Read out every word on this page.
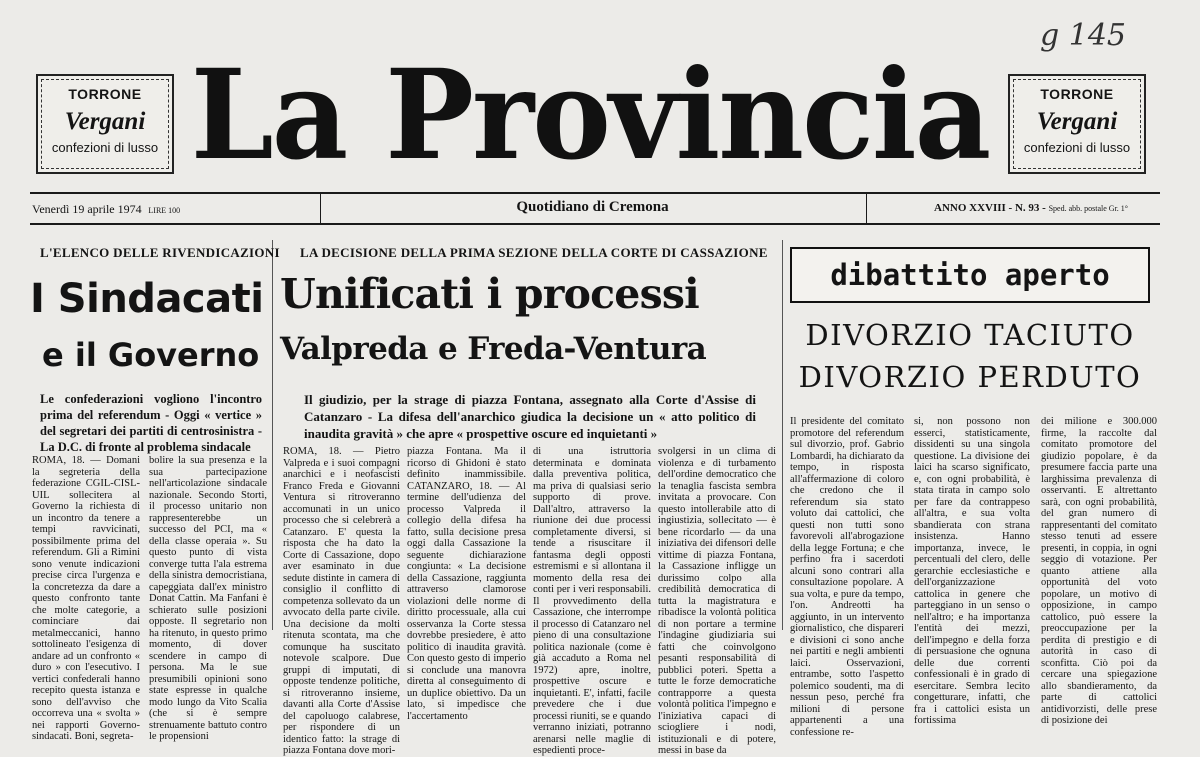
g 145
TORRONE
Vergani
confezioni di lusso La Provincia	TORRONE
Vergani
confezioni di lusso
Venerdì 19 aprile 1974 LIRE 100	Quotidiano di Cremona	ANNO XXVIII - N. 93 - Sped. abb. postale Gr. 1°
L'ELENCO DELLE RIVENDICAZIONI
I Sindacati
e il Governo
Le confederazioni vogliono l'incontro prima del referendum - Oggi « vertice » del segretari dei partiti di centrosinistra - La D.C. di fronte al problema sindacale
ROMA, 18. — Domani la segreteria della federazione CGIL-CISL-UIL sollecitera al Governo la richiesta di un incontro da tenere a tempi ravvicinati, possibilmente prima del referendum. Gli a Rimini sono venute indicazioni precise circa l'urgenza e la concretezza da dare a questo confronto tante che molte categorie, a cominciare dai metalmeccanici, hanno sottolineato l'esigenza di andare ad un confronto « duro » con l'esecutivo. I vertici confederali hanno recepito questa istanza e sono dell'avviso che occorreva una « svolta » nei rapporti Governo- sindacati. Boni, segreta-
bolire la sua presenza e la sua partecipazione nell'articolazione sindacale nazionale. Secondo Storti, il processo unitario non rappresenterebbe un successo del PCI, ma « della classe operaia ». Su questo punto di vista converge tutta l'ala estrema della sinistra democristiana, capeggiata dall'ex ministro Donat Cattin. Ma Fanfani è schierato sulle posizioni opposte. Il segretario non ha ritenuto, in questo primo momento, di dover scendere in campo di persona. Ma le sue presumibili opinioni sono state espresse in qualche modo lungo da Vito Scalia (che si è sempre strenuamente battuto contro le propensioni
LA DECISIONE DELLA PRIMA SEZIONE DELLA CORTE DI CASSAZIONE
Unificati i processi
Valpreda e Freda-Ventura
Il giudizio, per la strage di piazza Fontana, assegnato alla Corte d'Assise di Catanzaro - La difesa dell'anarchico giudica la decisione un « atto politico di inaudita gravità » che apre « prospettive oscure ed inquietanti »
ROMA, 18. — Pietro Valpreda e i suoi compagni anarchici e i neofascisti Franco Freda e Giovanni Ventura si ritroveranno accomunati in un unico processo che si celebrerà a Catanzaro. E' questa la risposta che ha dato la Corte di Cassazione, dopo aver esaminato in due sedute distinte in camera di consiglio il conflitto di competenza sollevato da un avvocato della parte civile. Una decisione da molti ritenuta scontata, ma che comunque ha suscitato notevole scalpore. Due gruppi di imputati, di opposte tendenze politiche, si ritroveranno insieme, davanti alla Corte d'Assise del capoluogo calabrese, per rispondere di un identico fatto: la strage di piazza Fontana dove mori-
piazza Fontana. Ma il ricorso di Ghidoni è stato definito inammissibile. CATANZARO, 18. — Al termine dell'udienza del processo Valpreda il collegio della difesa ha fatto, sulla decisione presa oggi dalla Cassazione la seguente dichiarazione congiunta: « La decisione della Cassazione, raggiunta attraverso clamorose violazioni delle norme di diritto processuale, alla cui osservanza la Corte stessa dovrebbe presiedere, è atto politico di inaudita gravità. Con questo gesto di imperio si conclude una manovra diretta al conseguimento di un duplice obiettivo. Da un lato, si impedisce che l'accertamento
di una istruttoria determinata e dominata dalla preventiva politica, ma priva di qualsiasi serio supporto di prove. Dall'altro, attraverso la riunione dei due processi completamente diversi, si tende a risuscitare il fantasma degli opposti estremismi e si allontana il momento della resa dei conti per i veri responsabili. Il provvedimento della Cassazione, che interrompe il processo di Catanzaro nel pieno di una consultazione politica nazionale (come è già accaduto a Roma nel 1972) apre, inoltre, prospettive oscure e inquietanti. E', infatti, facile prevedere che i due processi riuniti, se e quando verranno iniziati, potranno arenarsi nelle maglie di espedienti proce-
svolgersi in un clima di violenza e di turbamento dell'ordine democratico che la tenaglia fascista sembra invitata a provocare. Con questo intollerabile atto di ingiustizia, sollecitato — è bene ricordarlo — da una iniziativa dei difensori delle vittime di piazza Fontana, la Cassazione infligge un durissimo colpo alla credibilità democratica di tutta la magistratura e ribadisce la volontà politica di non portare a termine l'indagine giudiziaria sui fatti che coinvolgono pesanti responsabilità di pubblici poteri. Spetta a tutte le forze democratiche contrapporre a questa volontà politica l'impegno e l'iniziativa capaci di sciogliere i nodi, istituzionali e di potere, messi in base da
dibattito aperto
DIVORZIO TACIUTO
DIVORZIO PERDUTO
Il presidente del comitato promotore del referendum sul divorzio, prof. Gabrio Lombardi, ha dichiarato da tempo, in risposta all'affermazione di coloro che credono che il referendum sia stato voluto dai cattolici, che questi non tutti sono favorevoli all'abrogazione della legge Fortuna; e che perfino fra i sacerdoti alcuni sono contrari alla consultazione popolare. A sua volta, e pure da tempo, l'on. Andreotti ha aggiunto, in un intervento giornalistico, che dispareri e divisioni ci sono anche nei partiti e negli ambienti laici. Osservazioni, entrambe, sotto l'aspetto polemico soudenti, ma di nessun peso, perché fra milioni di persone appartenenti a una confessione re-
si, non possono non esserci, statisticamente, dissidenti su una singola questione. La divisione dei laici ha scarso significato, e, con ogni probabilità, è stata tirata in campo solo per fare da contrappeso all'altra, e sua volta sbandierata con strana insistenza. Hanno importanza, invece, le percentuali del clero, delle gerarchie ecclesiastiche e dell'organizzazione cattolica in genere che parteggiano in un senso o nell'altro; e ha importanza l'entità dei mezzi, dell'impegno e della forza di persuasione che ognuna delle due correnti confessionali è in grado di esercitare. Sembra lecito congetturare, infatti, che fra i cattolici esista un fortissima
dei milione e 300.000 firme, la raccolte dal comitato promotore del giudizio popolare, è da presumere faccia parte una larghissima prevalenza di osservanti. E altrettanto sarà, con ogni probabilità, del gran numero di rappresentanti del comitato stesso tenuti ad essere presenti, in coppia, in ogni seggio di votazione. Per quanto attiene alla opportunità del voto popolare, un motivo di opposizione, in campo cattolico, può essere la preoccupazione per la perdita di prestigio e di autorità in caso di sconfitta. Ciò poi da cercare una spiegazione allo sbandieramento, da parte di cattolici antidivorzisti, delle prese di posizione dei
